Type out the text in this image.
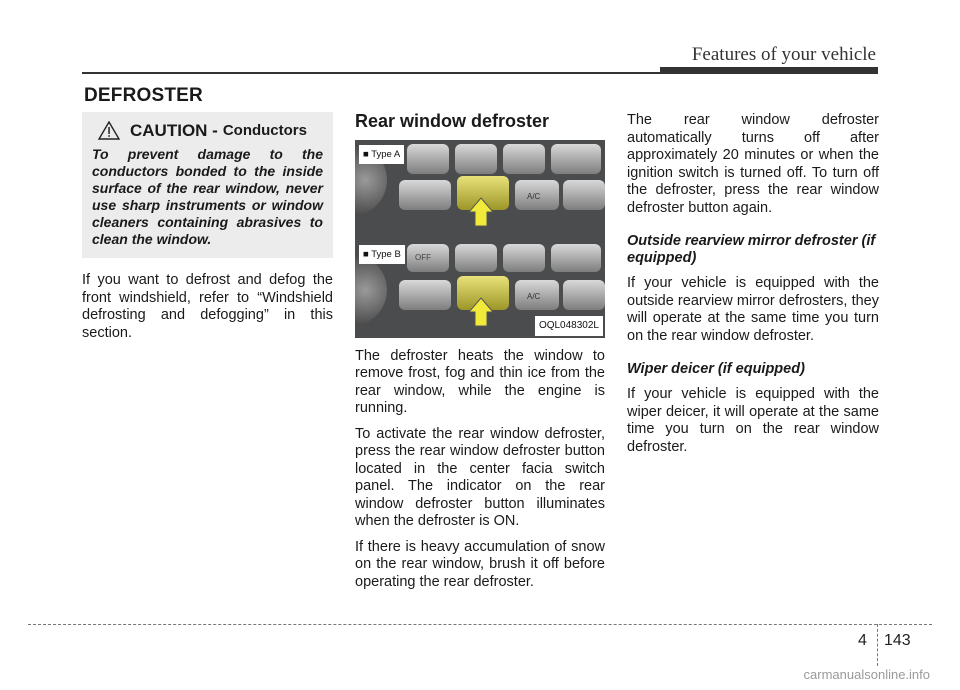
Features of your vehicle
DEFROSTER
CAUTION - Conductors
To prevent damage to the conductors bonded to the inside surface of the rear window, never use sharp instruments or window cleaners containing abrasives to clean the window.

If you want to defrost and defog the front windshield, refer to “Windshield defrosting and defogging” in this section.

Rear window defroster
■ Type A
■ Type B
A/C
OFF
A/C
OQL048302L

The defroster heats the window to remove frost, fog and thin ice from the rear window, while the engine is running.

To activate the rear window defroster, press the rear window defroster button located in the center facia switch panel. The indicator on the rear window defroster button illuminates when the defroster is ON.

If there is heavy accumulation of snow on the rear window, brush it off before operating the rear defroster.

The rear window defroster automatically turns off after approximately 20 minutes or when the ignition switch is turned off. To turn off the defroster, press the rear window defroster button again.

Outside rearview mirror defroster (if equipped)

If your vehicle is equipped with the outside rearview mirror defrosters, they will operate at the same time you turn on the rear window defroster.

Wiper deicer (if equipped)

If your vehicle is equipped with the wiper deicer, it will operate at the same time you turn on the rear window defroster.

4 143
carmanualsonline.info
